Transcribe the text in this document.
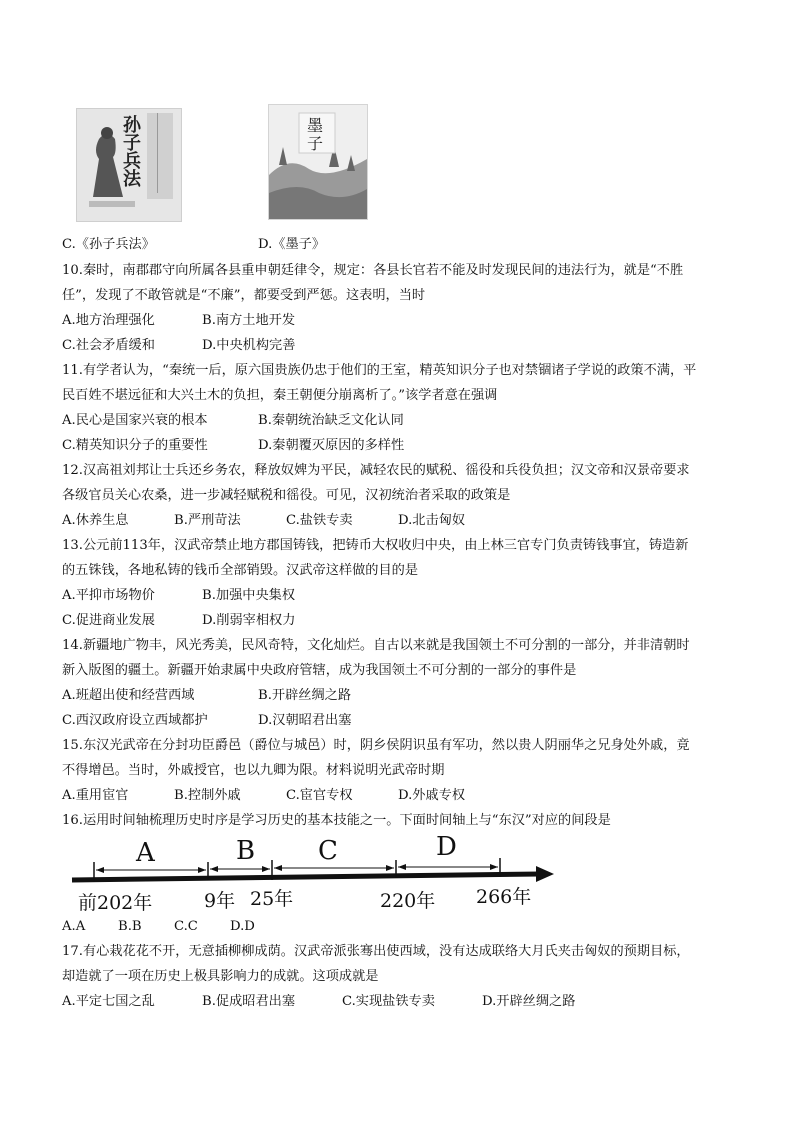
孙子兵法
墨子
C.《孙子兵法》	D.《墨子》
10.秦时，南郡郡守向所属各县重申朝廷律令，规定：各县长官若不能及时发现民间的违法行为，就是“不胜
任”，发现了不敢管就是“不廉”，都要受到严惩。这表明，当时
A.地方治理强化	B.南方土地开发
C.社会矛盾缓和	D.中央机构完善
11.有学者认为，“秦统一后，原六国贵族仍忠于他们的王室，精英知识分子也对禁锢诸子学说的政策不满，平
民百姓不堪远征和大兴土木的负担，秦王朝便分崩离析了。”该学者意在强调
A.民心是国家兴衰的根本	B.秦朝统治缺乏文化认同
C.精英知识分子的重要性	D.秦朝覆灭原因的多样性
12.汉高祖刘邦让士兵还乡务农，释放奴婢为平民，减轻农民的赋税、徭役和兵役负担；汉文帝和汉景帝要求
各级官员关心农桑，进一步减轻赋税和徭役。可见，汉初统治者采取的政策是
A.休养生息	B.严刑苛法	C.盐铁专卖	D.北击匈奴
13.公元前113年，汉武帝禁止地方郡国铸钱，把铸币大权收归中央，由上林三官专门负责铸钱事宜，铸造新
的五铢钱，各地私铸的钱币全部销毁。汉武帝这样做的目的是
A.平抑市场物价	B.加强中央集权
C.促进商业发展	D.削弱宰相权力
14.新疆地广物丰，风光秀美，民风奇特，文化灿烂。自古以来就是我国领土不可分割的一部分，并非清朝时
新入版图的疆土。新疆开始隶属中央政府管辖，成为我国领土不可分割的一部分的事件是
A.班超出使和经营西域	B.开辟丝绸之路
C.西汉政府设立西域都护	D.汉朝昭君出塞
15.东汉光武帝在分封功臣爵邑（爵位与城邑）时，阴乡侯阴识虽有军功，然以贵人阴丽华之兄身处外戚，竟
不得增邑。当时，外戚授官，也以九卿为限。材料说明光武帝时期
A.重用宦官	B.控制外戚	C.宦官专权	D.外戚专权
16.运用时间轴梳理历史时序是学习历史的基本技能之一。下面时间轴上与“东汉”对应的间段是
A	B C	D
前202年	9年 25年	220年 266年
A.A B.B C.C D.D
17.有心栽花花不开，无意插柳柳成荫。汉武帝派张骞出使西域，没有达成联络大月氏夹击匈奴的预期目标，
却造就了一项在历史上极具影响力的成就。这项成就是
A.平定七国之乱	B.促成昭君出塞	C.实现盐铁专卖	D.开辟丝绸之路
